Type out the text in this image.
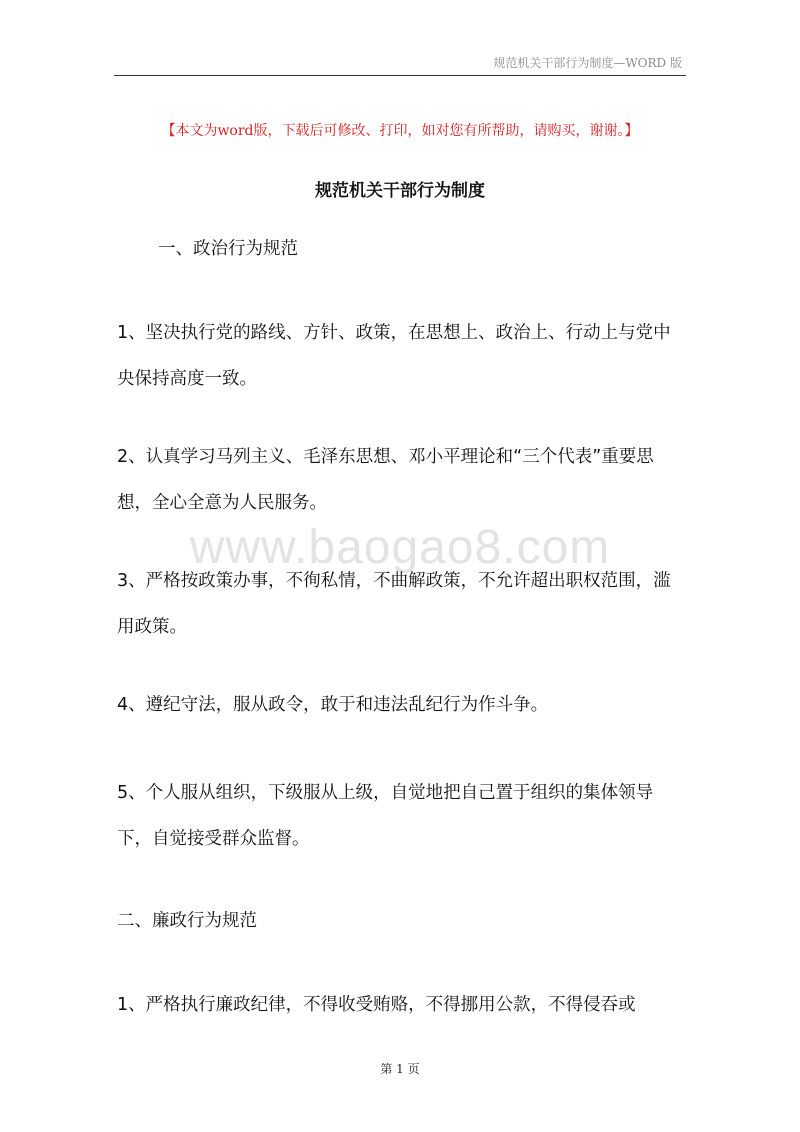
规范机关干部行为制度—WORD 版
【本文为word版，下载后可修改、打印，如对您有所帮助，请购买，谢谢。】
规范机关干部行为制度

一、政治行为规范

1、坚决执行党的路线、方针、政策，在思想上、政治上、行动上与党中央保持高度一致。

2、认真学习马列主义、毛泽东思想、邓小平理论和“三个代表”重要思想，全心全意为人民服务。

www.baogao8.com

3、严格按政策办事，不徇私情，不曲解政策，不允许超出职权范围，滥用政策。

4、遵纪守法，服从政令，敢于和违法乱纪行为作斗争。

5、个人服从组织，下级服从上级，自觉地把自己置于组织的集体领导下，自觉接受群众监督。

二、廉政行为规范

1、严格执行廉政纪律，不得收受贿赂，不得挪用公款，不得侵吞或

第 1 页
